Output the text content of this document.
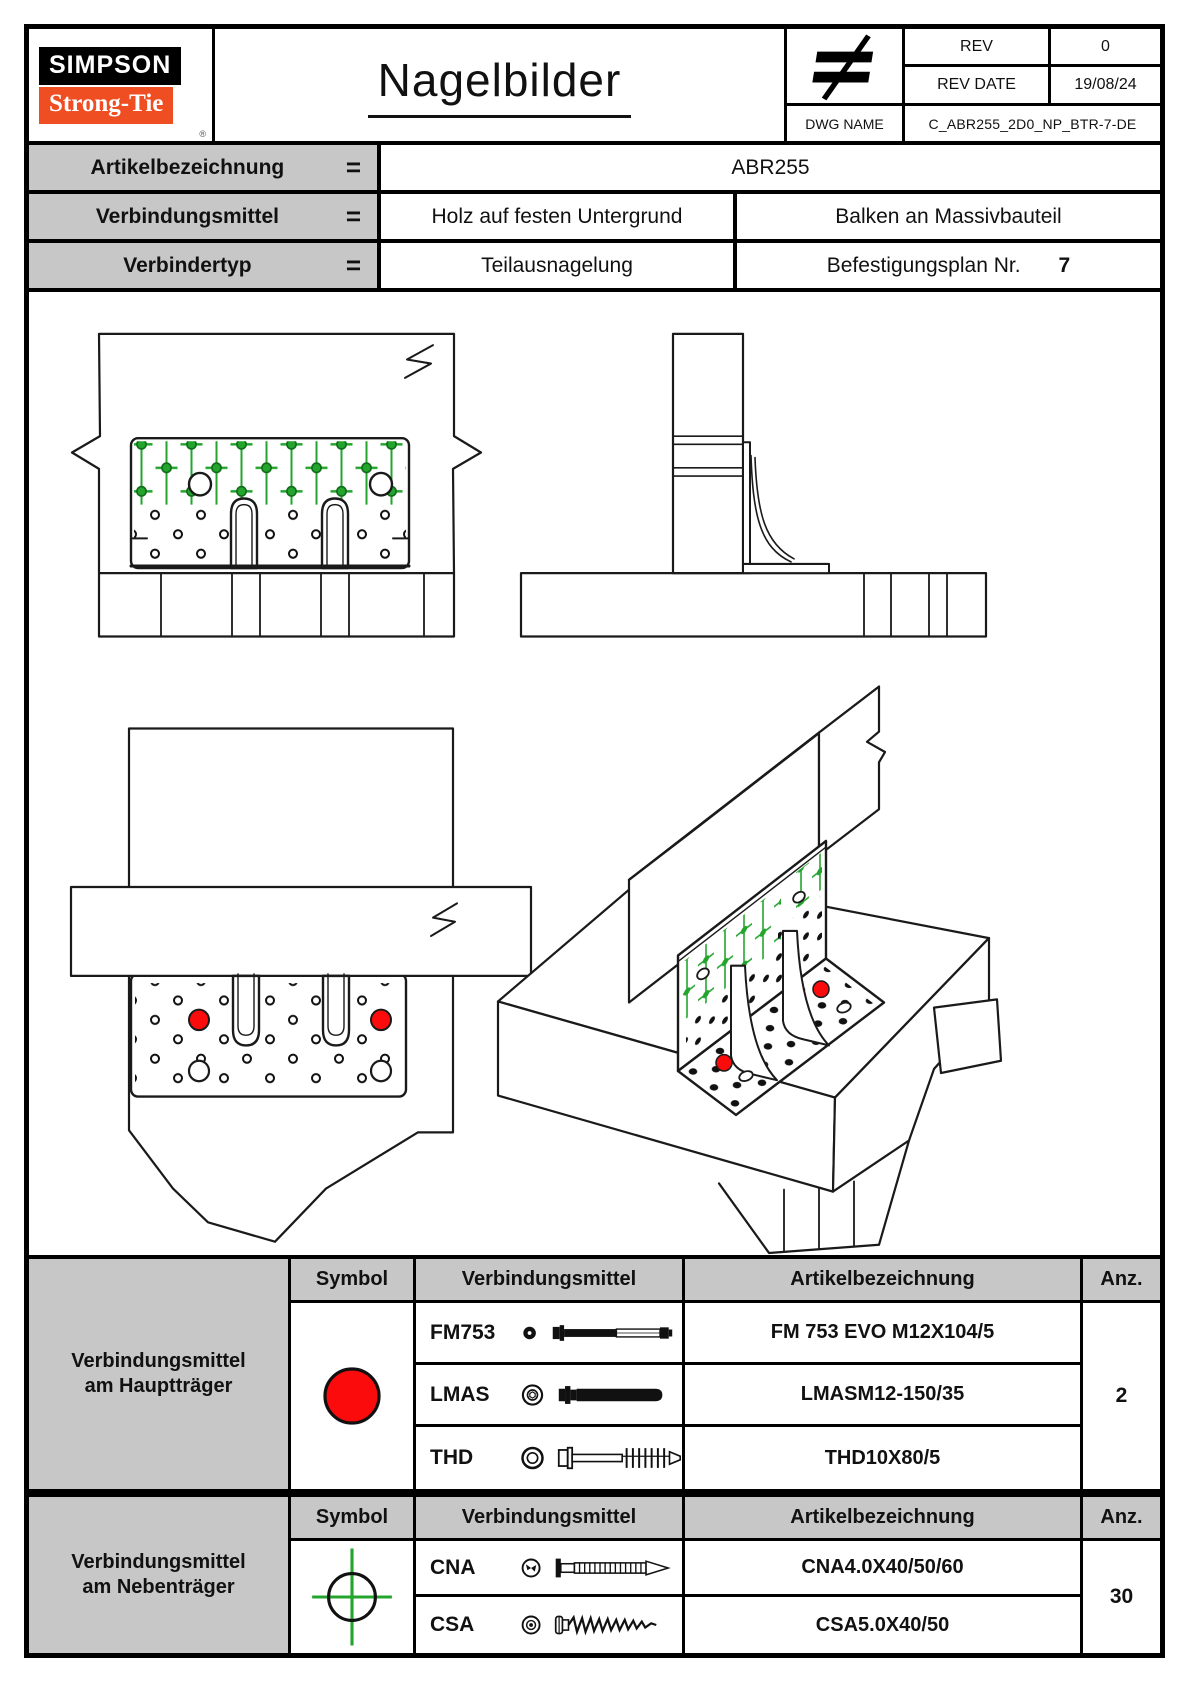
SIMPSON
Strong-Tie
®
Nagelbilder
REV	0
REV DATE	19/08/24
DWG NAME	C_ABR255_2D0_NP_BTR-7-DE
Artikelbezeichnung	=	ABR255
Verbindungsmittel	=	Holz auf festen Untergrund	Balken an Massivbauteil
Verbindertyp	=	Teilausnagelung	Befestigungsplan Nr. 7
Verbindungsmittel
am Hauptträger
Symbol	Verbindungsmittel	Artikelbezeichnung	Anz.
FM753	FM 753 EVO M12X104/5
2
LMAS	LMASM12-150/35
THD	THD10X80/5
Verbindungsmittel
am Nebenträger
Symbol	Verbindungsmittel	Artikelbezeichnung	Anz.
CNA	CNA4.0X40/50/60
30
CSA	CSA5.0X40/50
